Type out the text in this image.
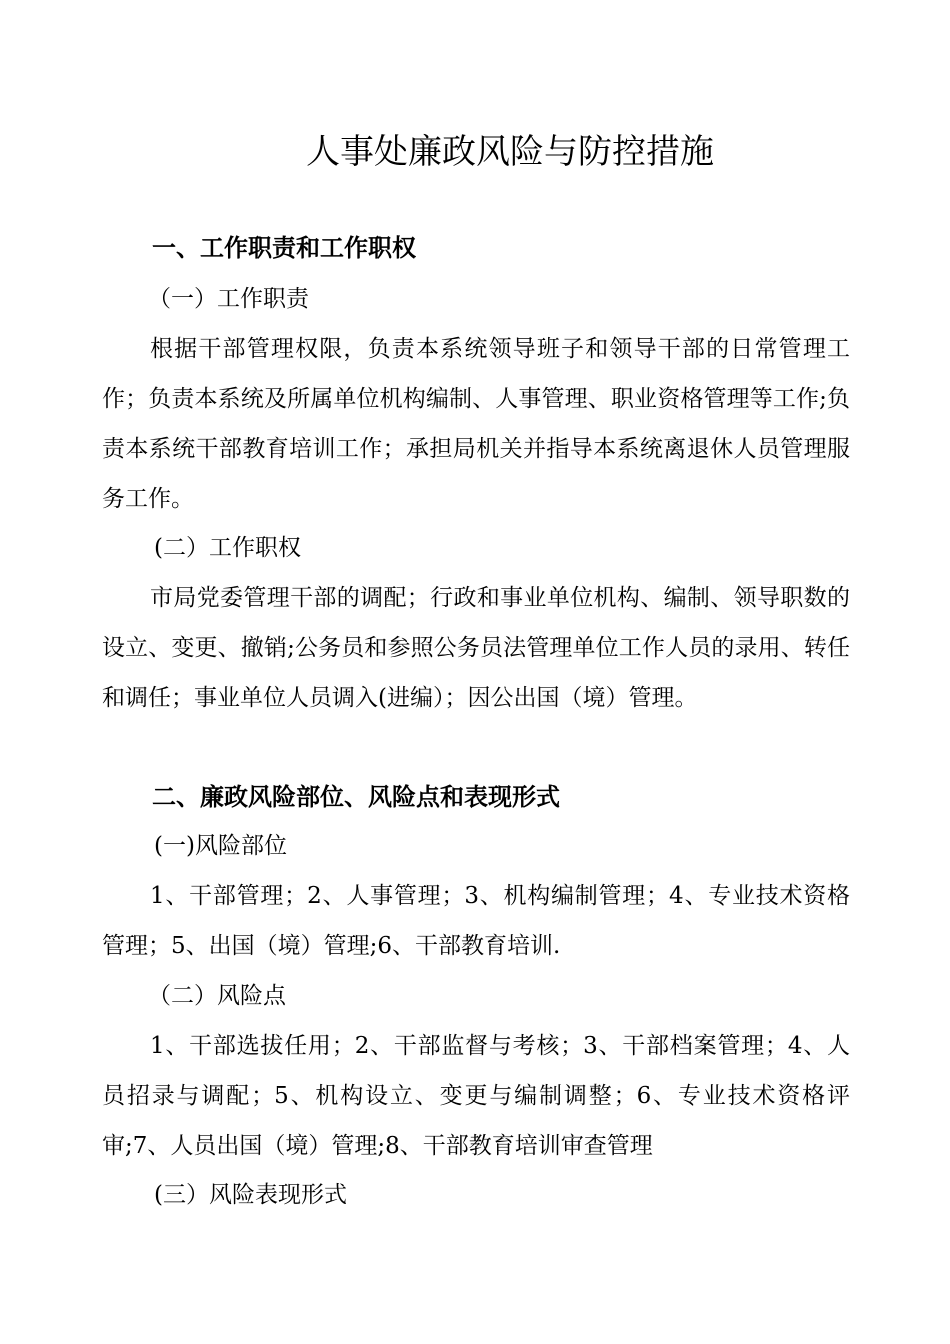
人事处廉政风险与防控措施
一、工作职责和工作职权
（一）工作职责

根据干部管理权限，负责本系统领导班子和领导干部的日常管理工作；负责本系统及所属单位机构编制、人事管理、职业资格管理等工作;负责本系统干部教育培训工作；承担局机关并指导本系统离退休人员管理服务工作。

(二）工作职权

市局党委管理干部的调配；行政和事业单位机构、编制、领导职数的设立、变更、撤销;公务员和参照公务员法管理单位工作人员的录用、转任和调任；事业单位人员调入(进编）；因公出国（境）管理。

二、廉政风险部位、风险点和表现形式
(一)风险部位

1、干部管理；2、人事管理；3、机构编制管理；4、专业技术资格管理；5、出国（境）管理;6、干部教育培训.

（二）风险点

1、干部选拔任用；2、干部监督与考核；3、干部档案管理；4、人员招录与调配；5、机构设立、变更与编制调整；6、专业技术资格评审;7、人员出国（境）管理;8、干部教育培训审查管理

(三）风险表现形式
